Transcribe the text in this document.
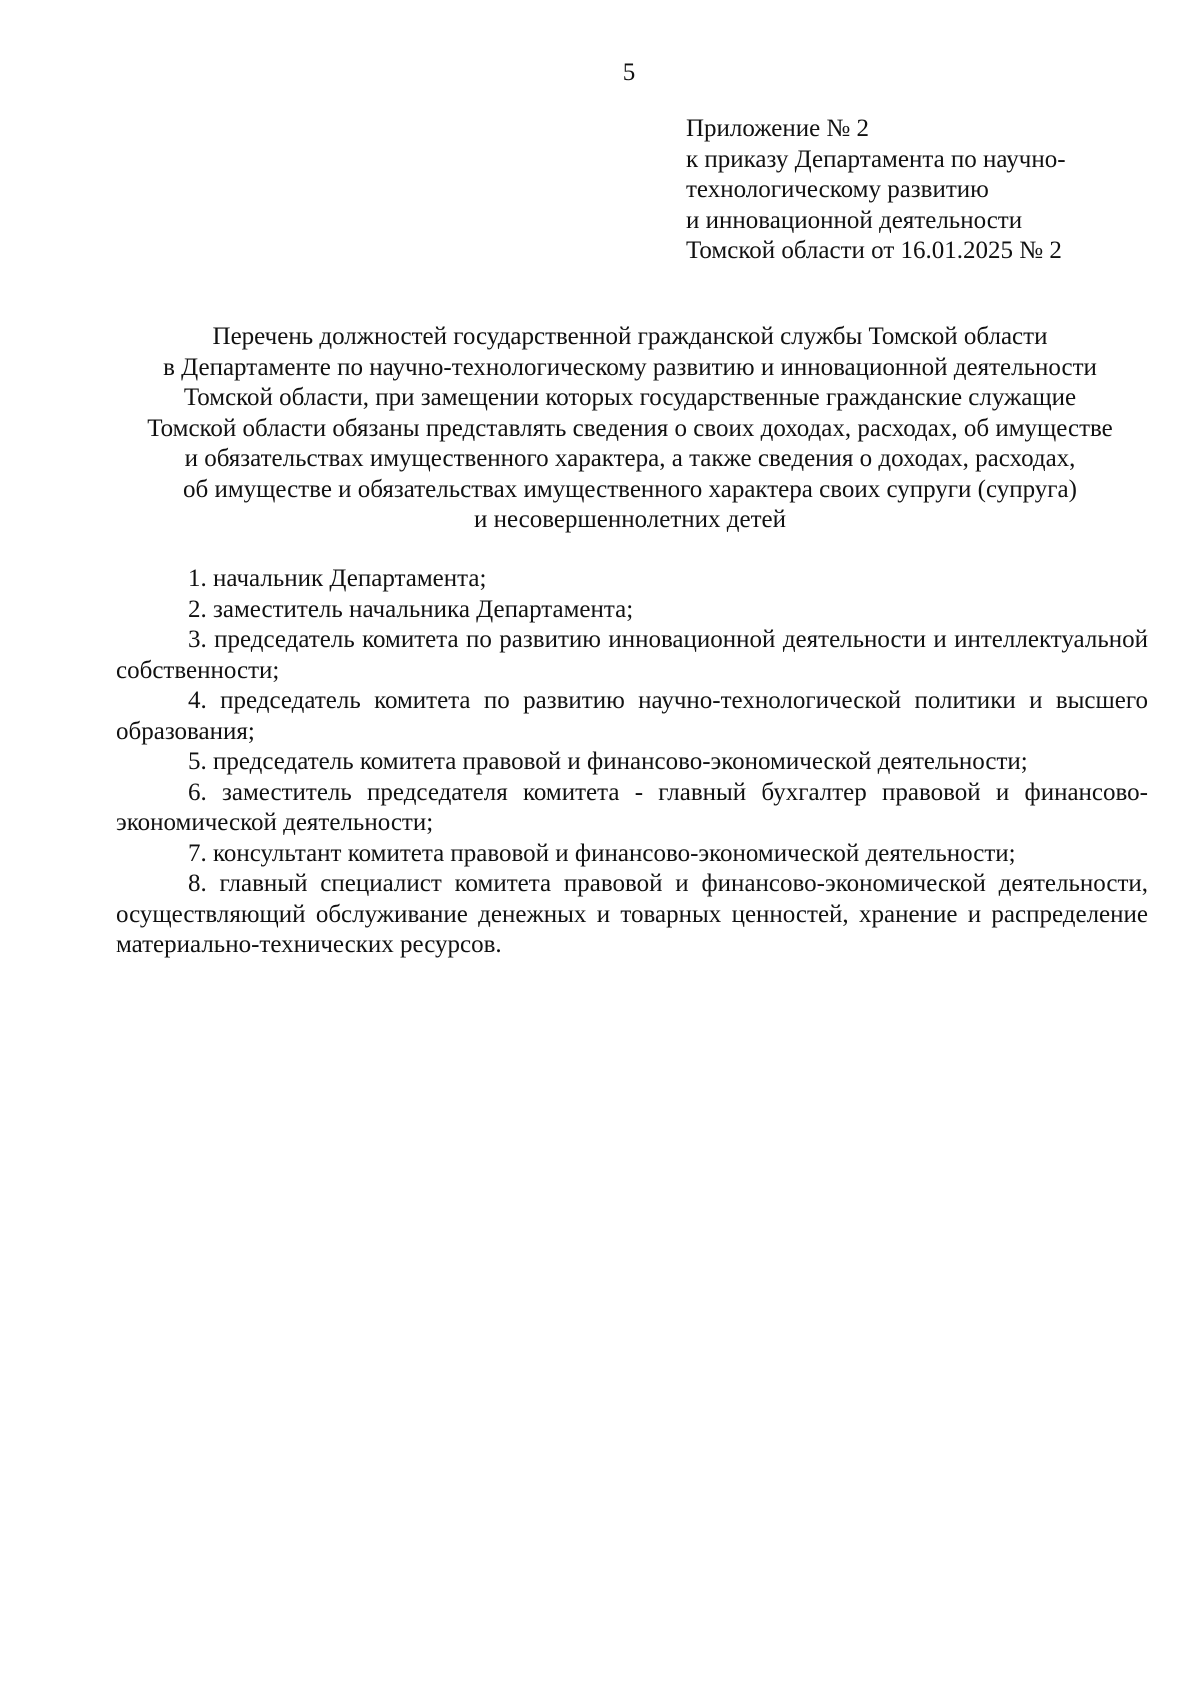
5
Приложение № 2
к приказу Департамента по научно-
технологическому развитию
и инновационной деятельности
Томской области от 16.01.2025 № 2
Перечень должностей государственной гражданской службы Томской области
в Департаменте по научно-технологическому развитию и инновационной деятельности
Томской области, при замещении которых государственные гражданские служащие
Томской области обязаны представлять сведения о своих доходах, расходах, об имуществе
и обязательствах имущественного характера, а также сведения о доходах, расходах,
об имуществе и обязательствах имущественного характера своих супруги (супруга)
и несовершеннолетних детей

1. начальник Департамента;

2. заместитель начальника Департамента;

3. председатель комитета по развитию инновационной деятельности и интеллектуальной собственности;

4. председатель комитета по развитию научно-технологической политики и высшего образования;

5. председатель комитета правовой и финансово-экономической деятельности;

6. заместитель председателя комитета - главный бухгалтер правовой и финансово-экономической деятельности;

7. консультант комитета правовой и финансово-экономической деятельности;

8. главный специалист комитета правовой и финансово-экономической деятельности, осуществляющий обслуживание денежных и товарных ценностей, хранение и распределение материально-технических ресурсов.
